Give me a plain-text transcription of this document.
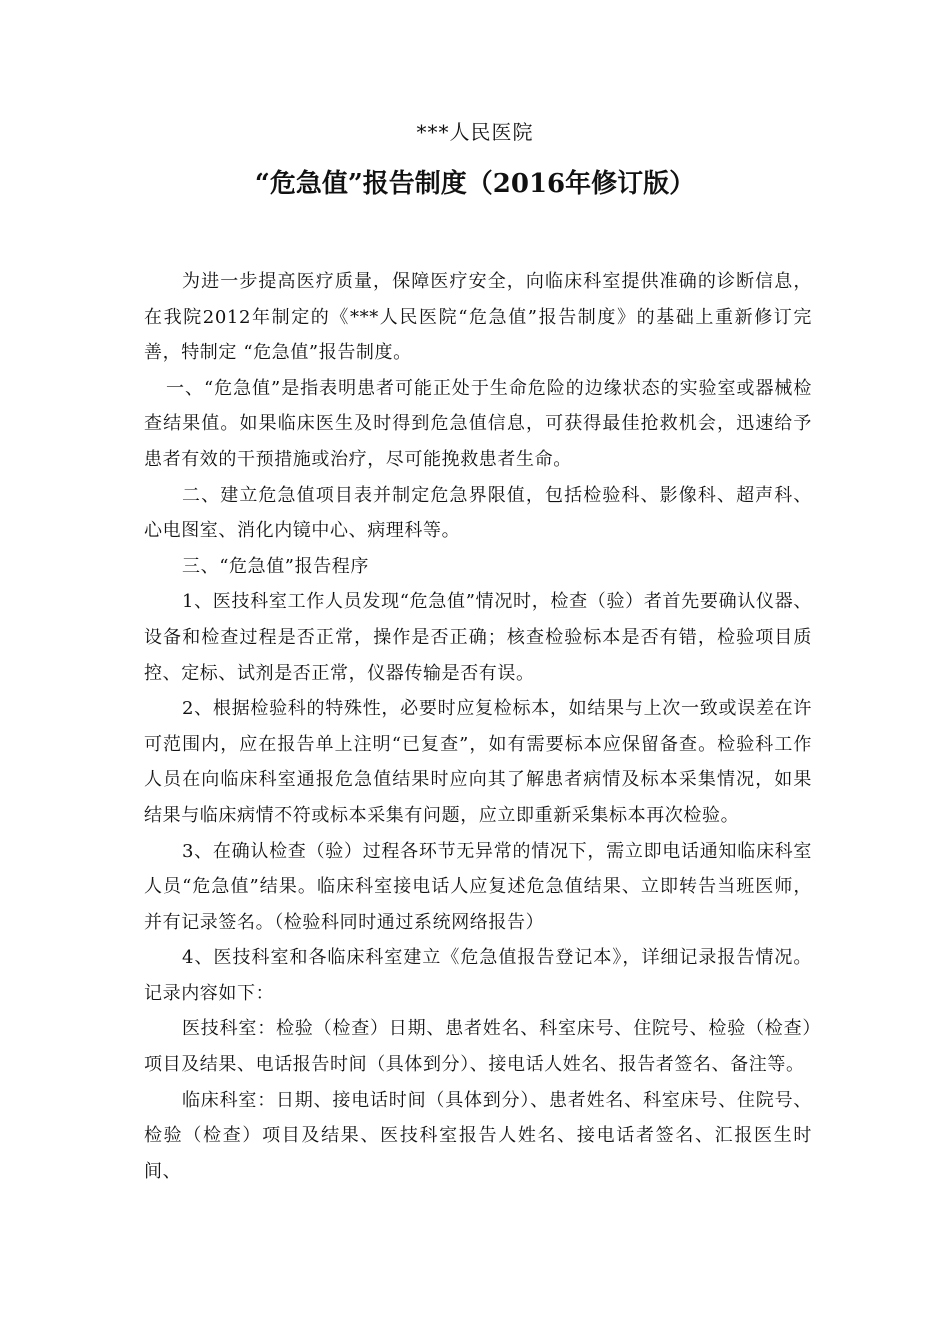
***人民医院
“危急值”报告制度（2016年修订版）

为进一步提高医疗质量，保障医疗安全，向临床科室提供准确的诊断信息，在我院2012年制定的《***人民医院“危急值”报告制度》的基础上重新修订完善，特制定 “危急值”报告制度。

一、“危急值”是指表明患者可能正处于生命危险的边缘状态的实验室或器械检查结果值。如果临床医生及时得到危急值信息，可获得最佳抢救机会，迅速给予患者有效的干预措施或治疗，尽可能挽救患者生命。

二、建立危急值项目表并制定危急界限值，包括检验科、影像科、超声科、心电图室、消化内镜中心、病理科等。

三、“危急值”报告程序

1、医技科室工作人员发现“危急值”情况时，检查（验）者首先要确认仪器、设备和检查过程是否正常，操作是否正确；核查检验标本是否有错，检验项目质控、定标、试剂是否正常，仪器传输是否有误。

2、根据检验科的特殊性，必要时应复检标本，如结果与上次一致或误差在许可范围内，应在报告单上注明“已复查”，如有需要标本应保留备查。检验科工作人员在向临床科室通报危急值结果时应向其了解患者病情及标本采集情况，如果结果与临床病情不符或标本采集有问题，应立即重新采集标本再次检验。

3、在确认检查（验）过程各环节无异常的情况下，需立即电话通知临床科室人员“危急值”结果。临床科室接电话人应复述危急值结果、立即转告当班医师，并有记录签名。（检验科同时通过系统网络报告）

4、医技科室和各临床科室建立《危急值报告登记本》，详细记录报告情况。记录内容如下：

医技科室：检验（检查）日期、患者姓名、科室床号、住院号、检验（检查）项目及结果、电话报告时间（具体到分）、接电话人姓名、报告者签名、备注等。

临床科室：日期、接电话时间（具体到分）、患者姓名、科室床号、住院号、检验（检查）项目及结果、医技科室报告人姓名、接电话者签名、汇报医生时间、
